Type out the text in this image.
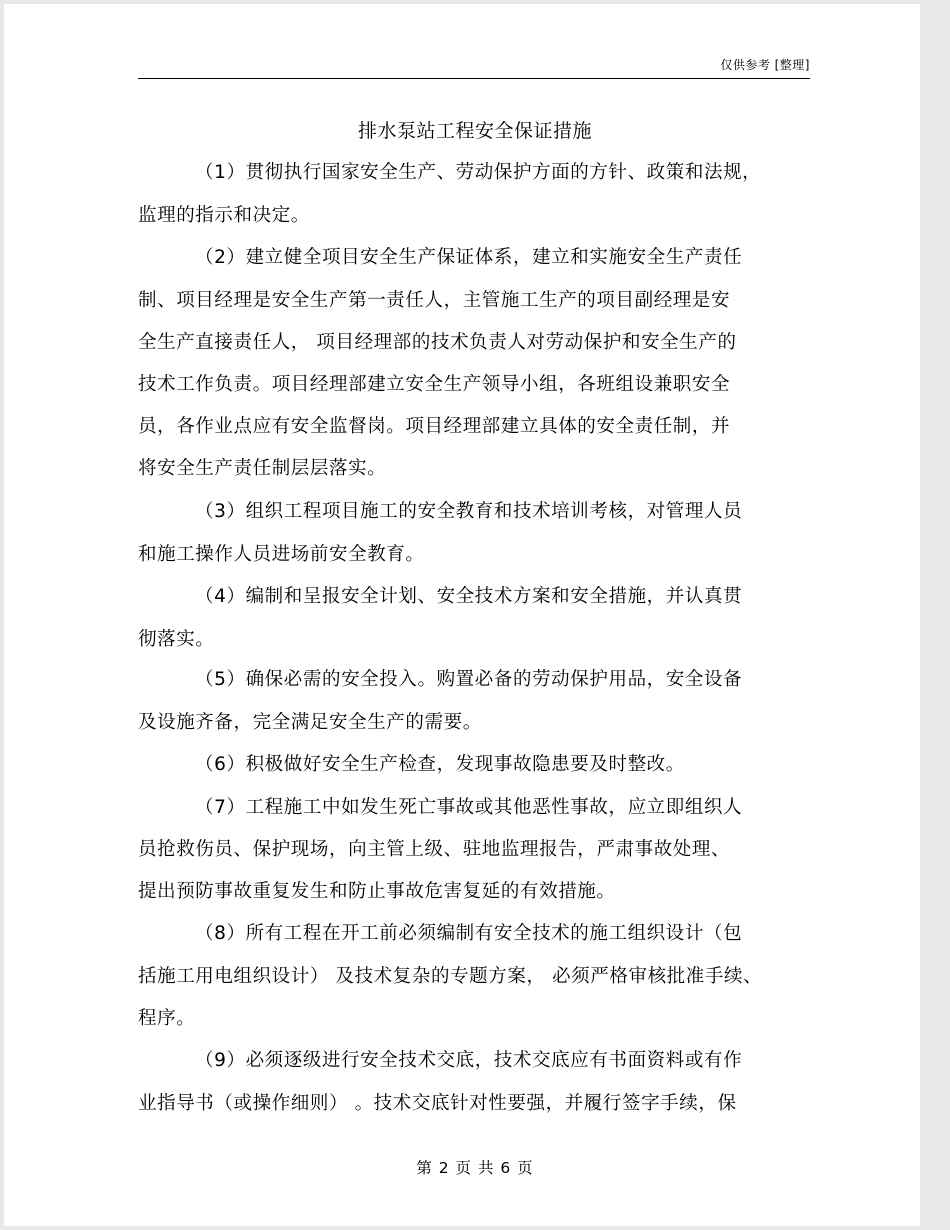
仅供参考 [整理]
排水泵站工程安全保证措施
（1）贯彻执行国家安全生产、劳动保护方面的方针、政策和法规，
监理的指示和决定。
（2）建立健全项目安全生产保证体系，建立和实施安全生产责任
制、项目经理是安全生产第一责任人，主管施工生产的项目副经理是安
全生产直接责任人， 项目经理部的技术负责人对劳动保护和安全生产的
技术工作负责。项目经理部建立安全生产领导小组，各班组设兼职安全
员，各作业点应有安全监督岗。项目经理部建立具体的安全责任制，并
将安全生产责任制层层落实。
（3）组织工程项目施工的安全教育和技术培训考核，对管理人员
和施工操作人员进场前安全教育。
（4）编制和呈报安全计划、安全技术方案和安全措施，并认真贯
彻落实。
（5）确保必需的安全投入。购置必备的劳动保护用品，安全设备
及设施齐备，完全满足安全生产的需要。
（6）积极做好安全生产检查，发现事故隐患要及时整改。
（7）工程施工中如发生死亡事故或其他恶性事故，应立即组织人
员抢救伤员、保护现场，向主管上级、驻地监理报告，严肃事故处理、
提出预防事故重复发生和防止事故危害复延的有效措施。
（8）所有工程在开工前必须编制有安全技术的施工组织设计（包
括施工用电组织设计） 及技术复杂的专题方案， 必须严格审核批准手续、
程序。
（9）必须逐级进行安全技术交底，技术交底应有书面资料或有作
业指导书（或操作细则） 。技术交底针对性要强，并履行签字手续，保
第 2 页 共 6 页
